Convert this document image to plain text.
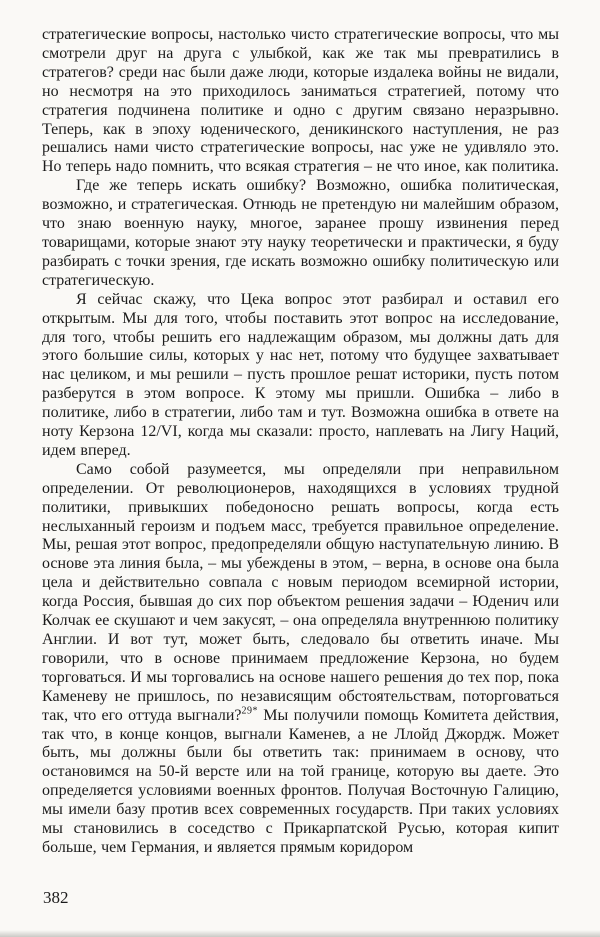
стратегические вопросы, настолько чисто стратегические вопросы, что мы смотрели друг на друга с улыбкой, как же так мы превратились в стратегов? среди нас были даже люди, которые издалека войны не видали, но несмотря на это приходилось заниматься стратегией, потому что стратегия подчинена политике и одно с другим связано неразрывно. Теперь, как в эпоху юденического, деникинского наступления, не раз решались нами чисто стратегические вопросы, нас уже не удивляло это. Но теперь надо помнить, что всякая стратегия – не что иное, как политика.

Где же теперь искать ошибку? Возможно, ошибка политическая, возможно, и стратегическая. Отнюдь не претендую ни малейшим образом, что знаю военную науку, многое, заранее прошу извинения перед товарищами, которые знают эту науку теоретически и практически, я буду разбирать с точки зрения, где искать возможно ошибку политическую или стратегическую.

Я сейчас скажу, что Цека вопрос этот разбирал и оставил его открытым. Мы для того, чтобы поставить этот вопрос на исследование, для того, чтобы решить его надлежащим образом, мы должны дать для этого большие силы, которых у нас нет, потому что будущее захватывает нас целиком, и мы решили – пусть прошлое решат историки, пусть потом разберутся в этом вопросе. К этому мы пришли. Ошибка – либо в политике, либо в стратегии, либо там и тут. Возможна ошибка в ответе на ноту Керзона 12/VI, когда мы сказали: просто, наплевать на Лигу Наций, идем вперед.

Само собой разумеется, мы определяли при неправильном определении. От революционеров, находящихся в условиях трудной политики, привыкших победоносно решать вопросы, когда есть неслыханный героизм и подъем масс, требуется правильное определение. Мы, решая этот вопрос, предопределяли общую наступательную линию. В основе эта линия была, – мы убеждены в этом, – верна, в основе она была цела и действительно совпала с новым периодом всемирной истории, когда Россия, бывшая до сих пор объектом решения задачи – Юденич или Колчак ее скушают и чем закусят, – она определяла внутреннюю политику Англии. И вот тут, может быть, следовало бы ответить иначе. Мы говорили, что в основе принимаем предложение Керзона, но будем торговаться. И мы торговались на основе нашего решения до тех пор, пока Каменеву не пришлось, по независящим обстоятельствам, поторговаться так, что его оттуда выгнали?$^{29*}$ Мы получили помощь Комитета действия, так что, в конце концов, выгнали Каменев, а не Ллойд Джордж. Может быть, мы должны были бы ответить так: принимаем в основу, что остановимся на 50-й версте или на той границе, которую вы даете. Это определяется условиями военных фронтов. Получая Восточную Галицию, мы имели базу против всех современных государств. При таких условиях мы становились в соседство с Прикарпатской Русью, которая кипит больше, чем Германия, и является прямым коридором

382
